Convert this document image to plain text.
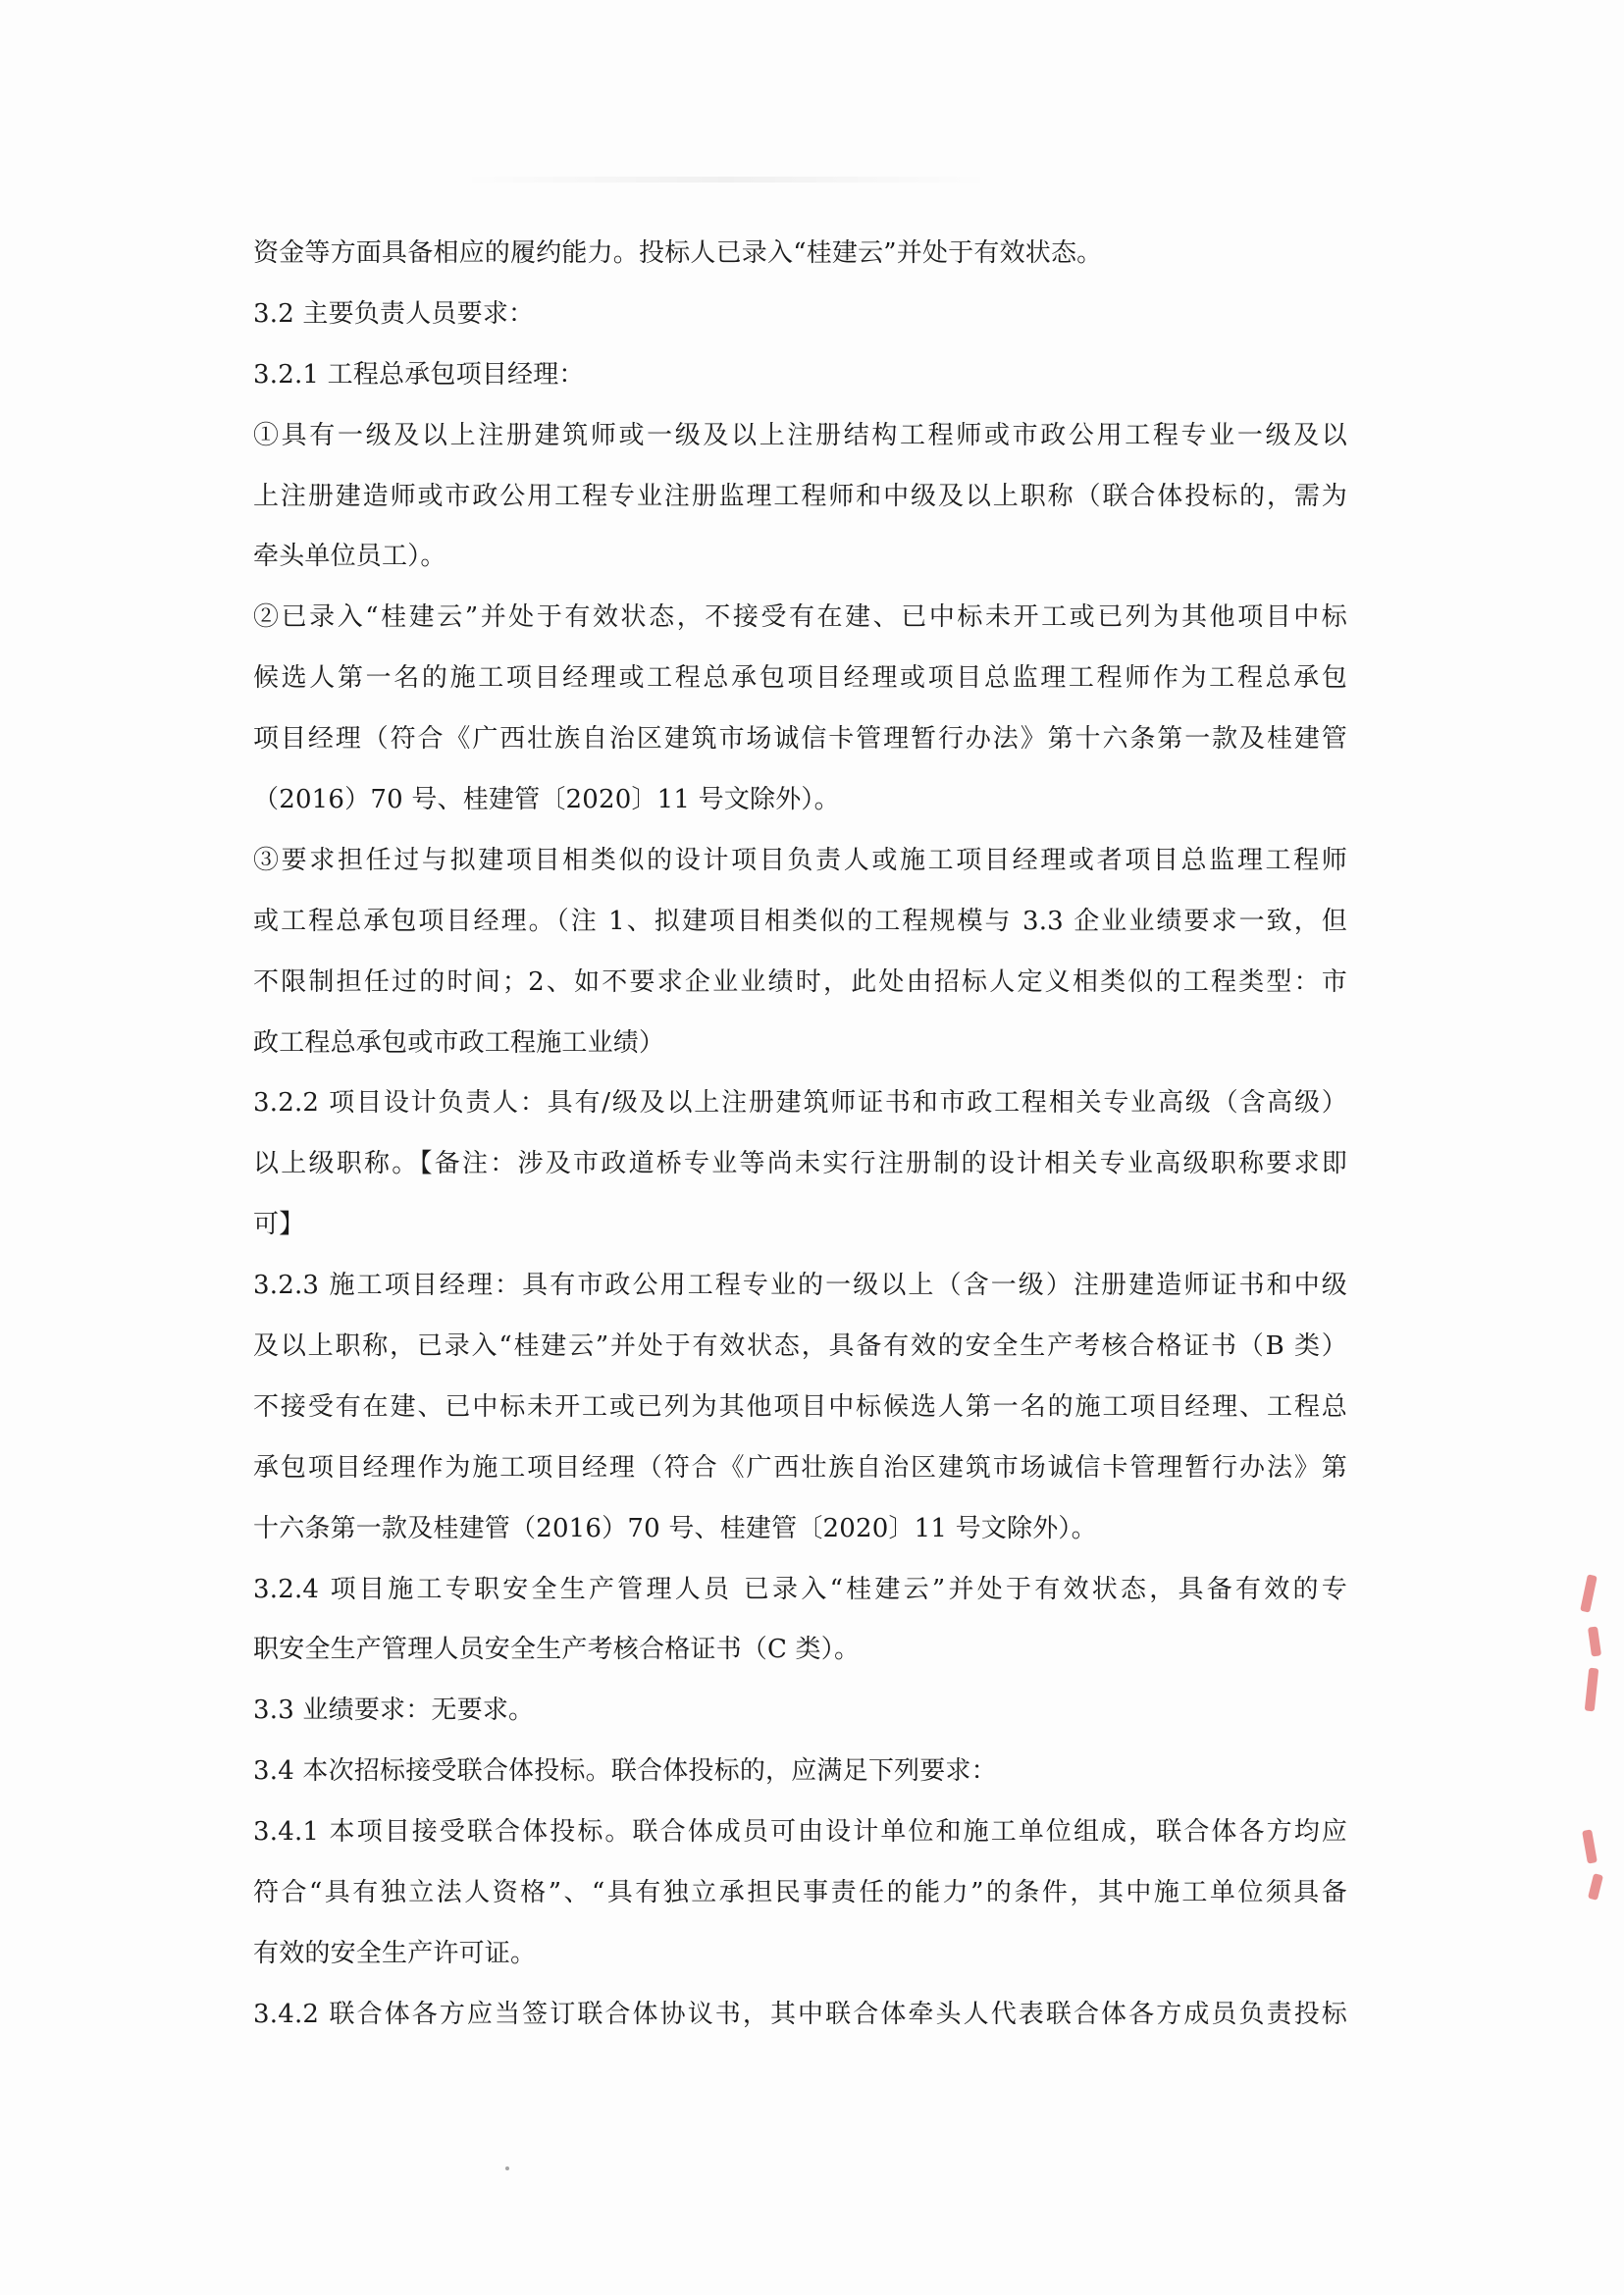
资金等方面具备相应的履约能力。投标人已录入“桂建云”并处于有效状态。
3.2 主要负责人员要求：
3.2.1 工程总承包项目经理：
①具有一级及以上注册建筑师或一级及以上注册结构工程师或市政公用工程专业一级及以
上注册建造师或市政公用工程专业注册监理工程师和中级及以上职称（联合体投标的，需为
牵头单位员工）。
②已录入“桂建云”并处于有效状态，不接受有在建、已中标未开工或已列为其他项目中标
候选人第一名的施工项目经理或工程总承包项目经理或项目总监理工程师作为工程总承包
项目经理（符合《广西壮族自治区建筑市场诚信卡管理暂行办法》第十六条第一款及桂建管
（2016）70 号、桂建管〔2020〕11 号文除外）。
③要求担任过与拟建项目相类似的设计项目负责人或施工项目经理或者项目总监理工程师
或工程总承包项目经理。（注 1、拟建项目相类似的工程规模与 3.3 企业业绩要求一致，但
不限制担任过的时间；2、如不要求企业业绩时，此处由招标人定义相类似的工程类型：市
政工程总承包或市政工程施工业绩）
3.2.2 项目设计负责人：具有/级及以上注册建筑师证书和市政工程相关专业高级（含高级）
以上级职称。【备注：涉及市政道桥专业等尚未实行注册制的设计相关专业高级职称要求即
可】
3.2.3 施工项目经理：具有市政公用工程专业的一级以上（含一级）注册建造师证书和中级
及以上职称，已录入“桂建云”并处于有效状态，具备有效的安全生产考核合格证书（B 类）
不接受有在建、已中标未开工或已列为其他项目中标候选人第一名的施工项目经理、工程总
承包项目经理作为施工项目经理（符合《广西壮族自治区建筑市场诚信卡管理暂行办法》第
十六条第一款及桂建管（2016）70 号、桂建管〔2020〕11 号文除外）。
3.2.4 项目施工专职安全生产管理人员 已录入“桂建云”并处于有效状态，具备有效的专
职安全生产管理人员安全生产考核合格证书（C 类）。
3.3 业绩要求：无要求。
3.4 本次招标接受联合体投标。联合体投标的，应满足下列要求：
3.4.1 本项目接受联合体投标。联合体成员可由设计单位和施工单位组成，联合体各方均应
符合“具有独立法人资格”、“具有独立承担民事责任的能力”的条件，其中施工单位须具备
有效的安全生产许可证。
3.4.2 联合体各方应当签订联合体协议书，其中联合体牵头人代表联合体各方成员负责投标
